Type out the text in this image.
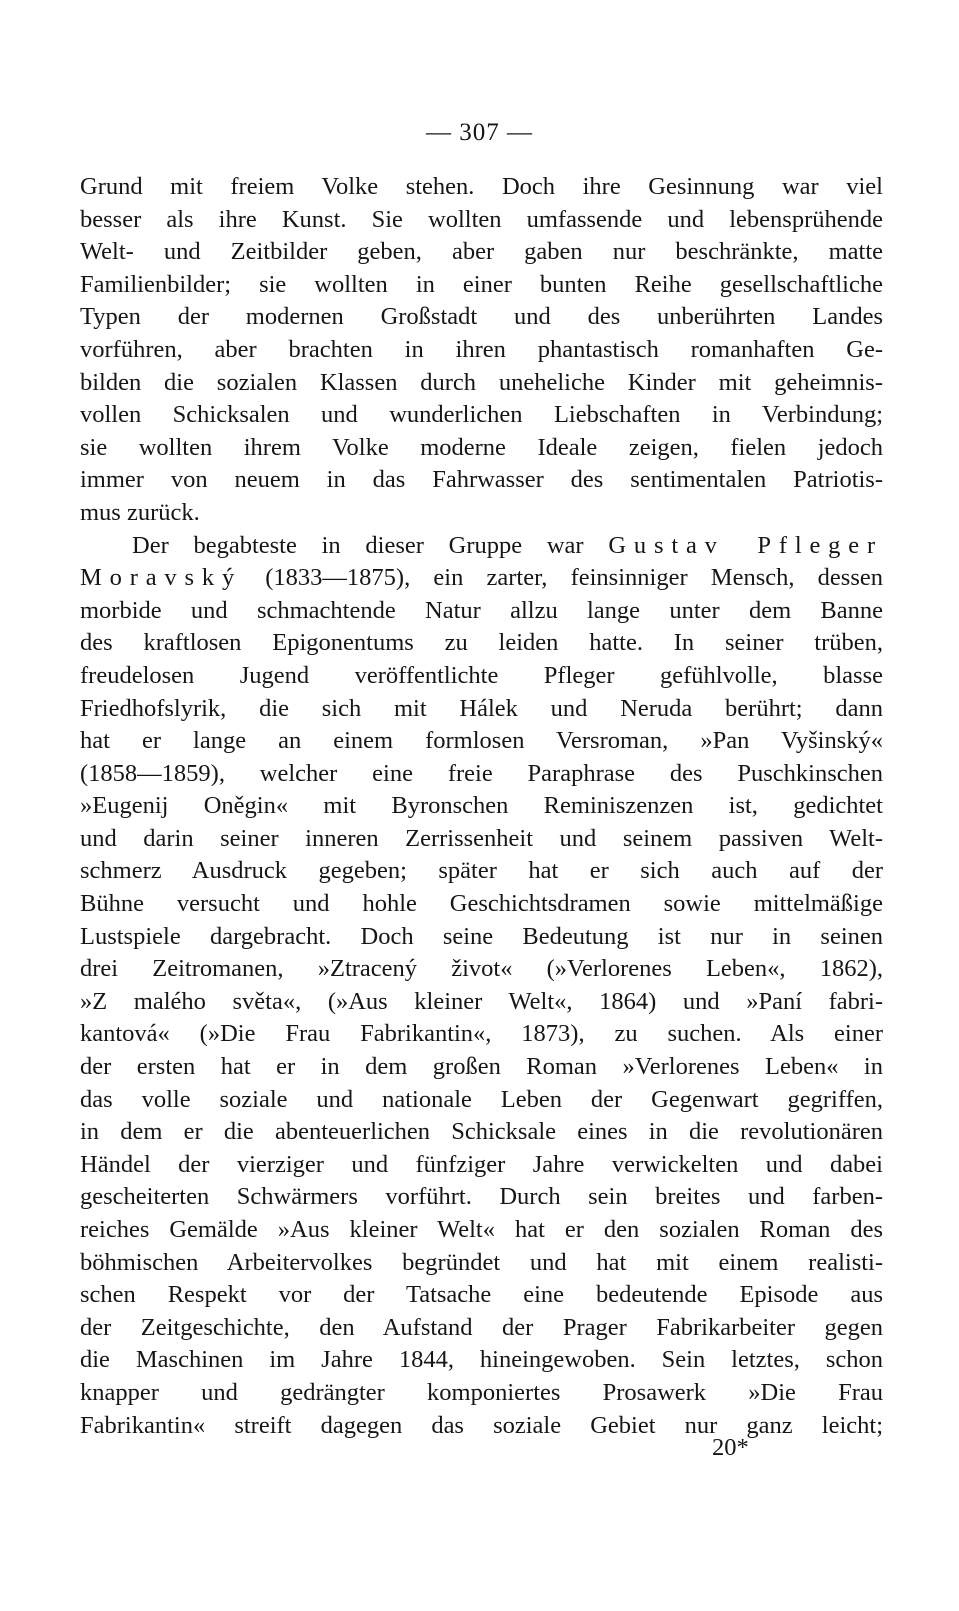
— 307 —
Grund mit freiem Volke stehen. Doch ihre Gesinnung war viel
besser als ihre Kunst. Sie wollten umfassende und lebensprühende
Welt- und Zeitbilder geben, aber gaben nur beschränkte, matte
Familienbilder; sie wollten in einer bunten Reihe gesellschaftliche
Typen der modernen Großstadt und des unberührten Landes
vorführen, aber brachten in ihren phantastisch romanhaften Ge-
bilden die sozialen Klassen durch uneheliche Kinder mit geheimnis-
vollen Schicksalen und wunderlichen Liebschaften in Verbindung;
sie wollten ihrem Volke moderne Ideale zeigen, fielen jedoch
immer von neuem in das Fahrwasser des sentimentalen Patriotis-
mus zurück.
Der begabteste in dieser Gruppe war Gustav Pfleger
Moravský (1833—1875), ein zarter, feinsinniger Mensch, dessen
morbide und schmachtende Natur allzu lange unter dem Banne
des kraftlosen Epigonentums zu leiden hatte. In seiner trüben,
freudelosen Jugend veröffentlichte Pfleger gefühlvolle, blasse
Friedhofslyrik, die sich mit Hálek und Neruda berührt; dann
hat er lange an einem formlosen Versroman, »Pan Vyšinský«
(1858—1859), welcher eine freie Paraphrase des Puschkinschen
»Eugenij Oněgin« mit Byronschen Reminiszenzen ist, gedichtet
und darin seiner inneren Zerrissenheit und seinem passiven Welt-
schmerz Ausdruck gegeben; später hat er sich auch auf der
Bühne versucht und hohle Geschichtsdramen sowie mittelmäßige
Lustspiele dargebracht. Doch seine Bedeutung ist nur in seinen
drei Zeitromanen, »Ztracený život« (»Verlorenes Leben«, 1862),
»Z malého světa«, (»Aus kleiner Welt«, 1864) und »Paní fabri-
kantová« (»Die Frau Fabrikantin«, 1873), zu suchen. Als einer
der ersten hat er in dem großen Roman »Verlorenes Leben« in
das volle soziale und nationale Leben der Gegenwart gegriffen,
in dem er die abenteuerlichen Schicksale eines in die revolutionären
Händel der vierziger und fünfziger Jahre verwickelten und dabei
gescheiterten Schwärmers vorführt. Durch sein breites und farben-
reiches Gemälde »Aus kleiner Welt« hat er den sozialen Roman des
böhmischen Arbeitervolkes begründet und hat mit einem realisti-
schen Respekt vor der Tatsache eine bedeutende Episode aus
der Zeitgeschichte, den Aufstand der Prager Fabrikarbeiter gegen
die Maschinen im Jahre 1844, hineingewoben. Sein letztes, schon
knapper und gedrängter komponiertes Prosawerk »Die Frau
Fabrikantin« streift dagegen das soziale Gebiet nur ganz leicht;
20*
